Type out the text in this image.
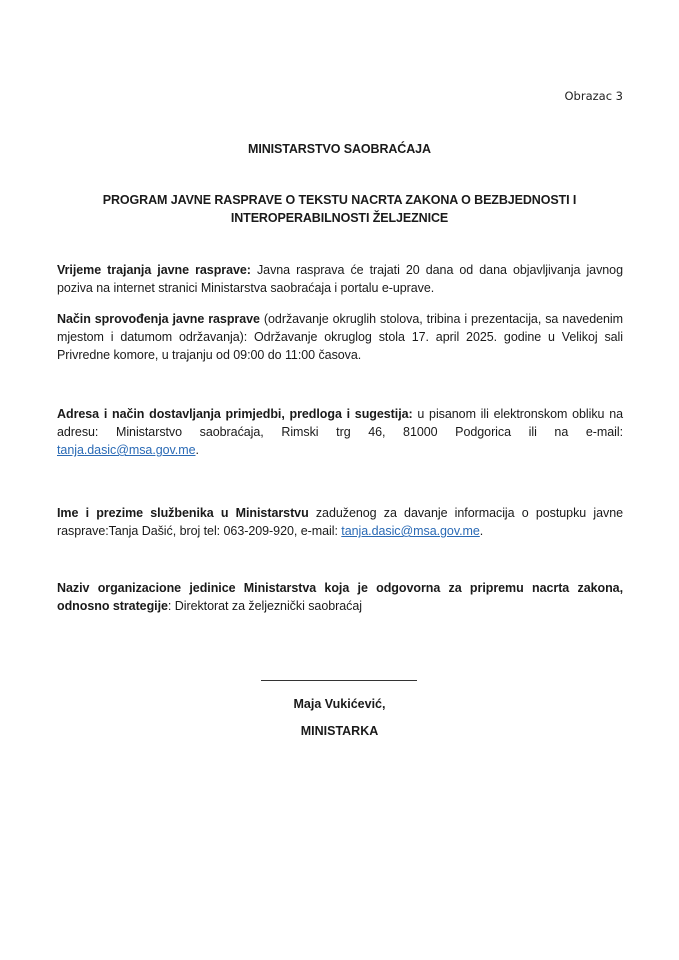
Obrazac 3
MINISTARSTVO SAOBRAĆAJA
PROGRAM JAVNE RASPRAVE O TEKSTU NACRTA ZAKONA O BEZBJEDNOSTI I
INTEROPERABILNOSTI ŽELJEZNICE
Vrijeme trajanja javne rasprave: Javna rasprava će trajati 20 dana od dana objavljivanja javnog poziva na internet stranici Ministarstva saobraćaja i portalu e-uprave.
Način sprovođenja javne rasprave (održavanje okruglih stolova, tribina i prezentacija, sa navedenim mjestom i datumom održavanja): Održavanje okruglog stola 17. april 2025. godine u Velikoj sali Privredne komore, u trajanju od 09:00 do 11:00 časova.
Adresa i način dostavljanja primjedbi, predloga i sugestija: u pisanom ili elektronskom obliku na adresu: Ministarstvo saobraćaja, Rimski trg 46, 81000 Podgorica ili na e-mail: tanja.dasic@msa.gov.me.
Ime i prezime službenika u Ministarstvu zaduženog za davanje informacija o postupku javne rasprave:Tanja Dašić, broj tel: 063-209-920, e-mail: tanja.dasic@msa.gov.me.
Naziv organizacione jedinice Ministarstva koja je odgovorna za pripremu nacrta zakona, odnosno strategije: Direktorat za željeznički saobraćaj
Maja Vukićević,
MINISTARKA
